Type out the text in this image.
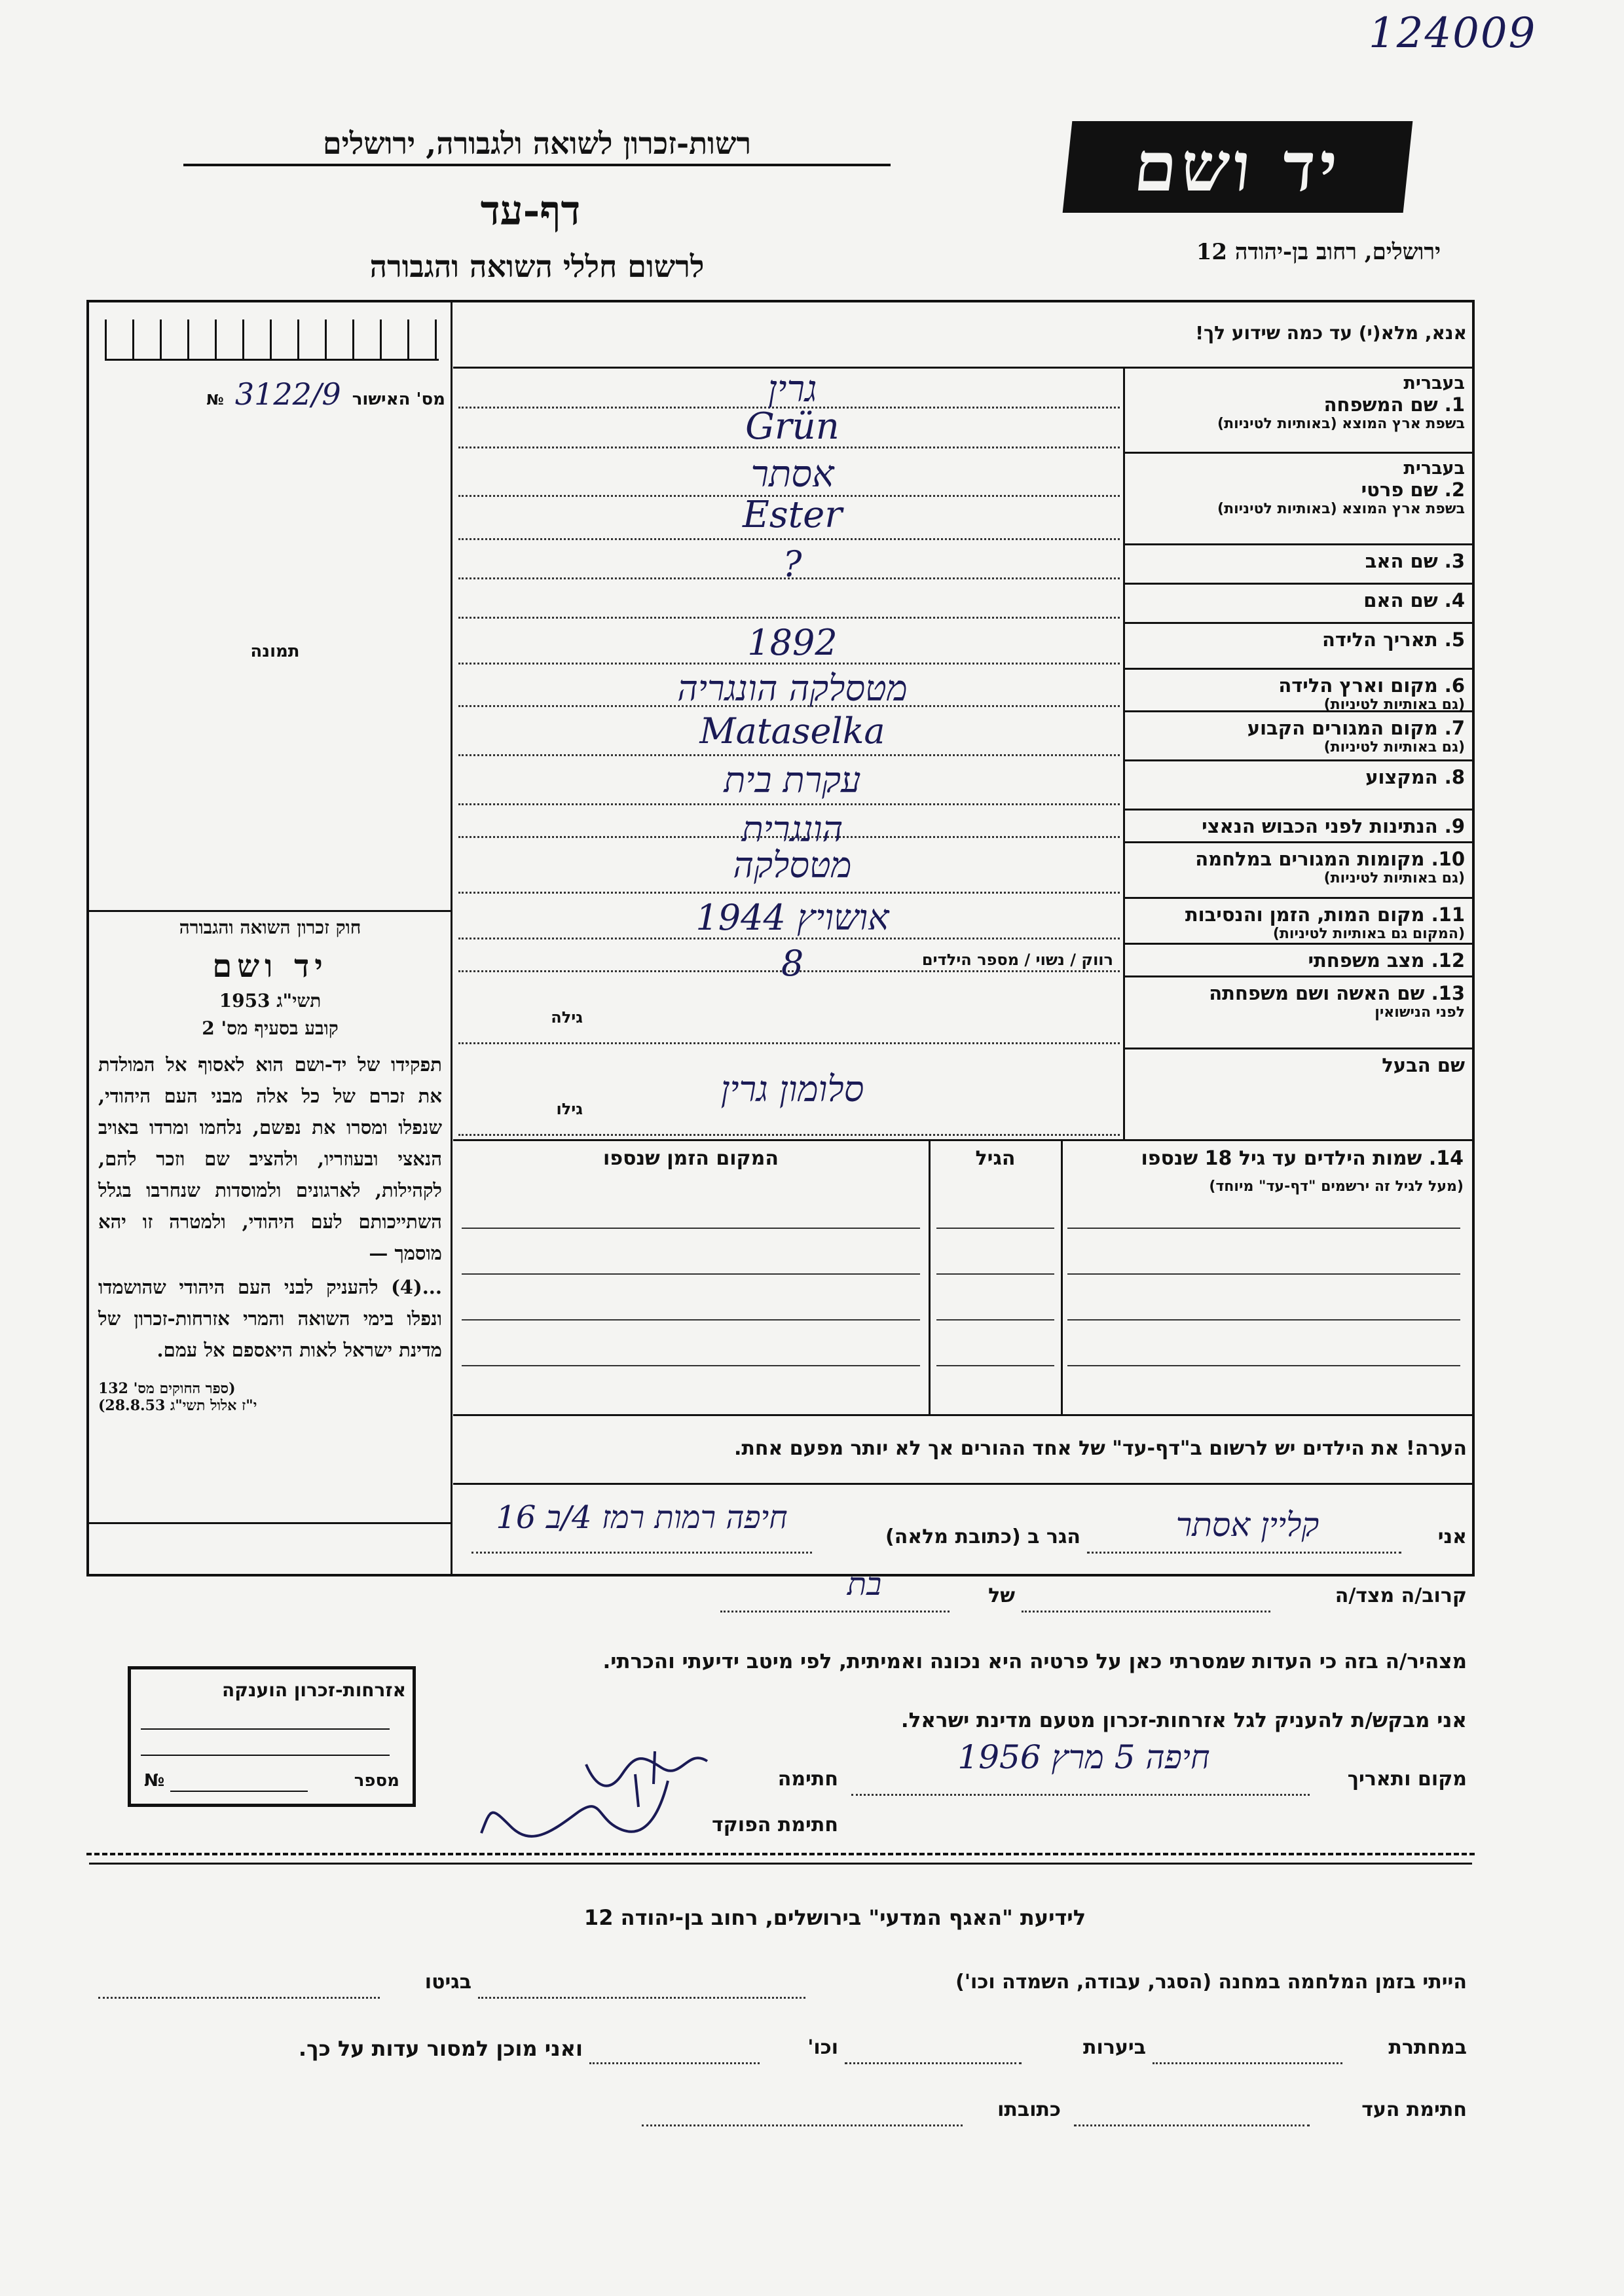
124009
רשות-זכרון לשואה ולגבורה, ירושלים
דף-עד
לרשום חללי השואה והגבורה
יד ושם
ירושלים, רחוב בן-יהודה 12
אנא, מלא(י) עד כמה שידוע לך!
מס' האישור 3122/9 №
תמונה
חוק זכרון השואה והגבורה
יד ושם
תשי"ג 1953
קובע בסעיף מס' 2
תפקידו של יד-ושם הוא לאסוף אל המולדת את זכרם של כל אלה מבני העם היהודי, שנפלו ומסרו את נפשם, נלחמו ומרדו באויב הנאצי ובעוזריו, ולהציב שם וזכר להם, לקהילות, לארגונים ולמוסדות שנחרבו בגלל השתייכותם לעם היהודי, ולמטרה זו יהא מוסמך —
...(4) להעניק לבני העם היהודי שהושמדו ונפלו בימי השואה והמרי אזרחות-זכרון של מדינת ישראל לאות היאספם אל עמם.
(ספר החוקים מס' 132
י"ז אלול תשי"ג 28.8.53)
בעברית
1. שם המשפחה
בשפת ארץ המוצא (באותיות לטיניות)
גרין
Grün
בעברית
2. שם פרטי
בשפת ארץ המוצא (באותיות לטיניות)
אסתר
Ester
3. שם האב
?
4. שם האם
5. תאריך הלידה
1892
6. מקום וארץ הלידה
(גם באותיות לטיניות)
מטסלקה הונגריה
7. מקום המגורים הקבוע
(גם באותיות לטיניות)
Mataselka
8. המקצוע
עקרת בית
9. הנתינות לפני הכבוש הנאצי
הונגרית
10. מקומות המגורים במלחמה
(גם באותיות לטיניות)
מטסלקה
11. מקום המות, הזמן והנסיבות
(המקום גם באותיות לטיניות)
אושויץ 1944
12. מצב משפחתי
8	רווק / נשוי / מספר הילדים
13. שם האשה ושם משפחתה
לפני הנישואין
גילה
שם הבעל
סלומון גרין
גילו
14. שמות הילדים עד גיל 18 שנספו
(מעל לגיל זה ירשמים "דף-עד" מיוחד)
הגיל
המקום הזמן שנספו
הערה! את הילדים יש לרשום ב"דף-עד" של אחד ההורים אך לא יותר מפעם אחת.
אני
קליין אסתר
הגר ב (כתובת מלאה)
חיפה רמות רמז 4/ב 16
קרוב/ה מצד/ה
של
בת
מצהיר/ה בזה כי העדות שמסרתי כאן על פרטיה היא נכונה ואמיתית, לפי מיטב ידיעתי והכרתי.
אני מבקש/ת להעניק לגל אזרחות-זכרון מטעם מדינת ישראל.
מקום ותאריך
חיפה 5 מרץ 1956
חתימה
חתימת הפוקד
אזרחות-זכרון הוענקה
מספר
№
לידיעת "האגף המדעי" בירושלים, רחוב בן-יהודה 12
הייתי בזמן המלחמה במחנה (הסגר, עבודה, השמדה וכו')
בגיטו
במחתרת
ביערות
וכו'
ואני מוכן למסור עדות על כך.
חתימת העד
כתובתו
